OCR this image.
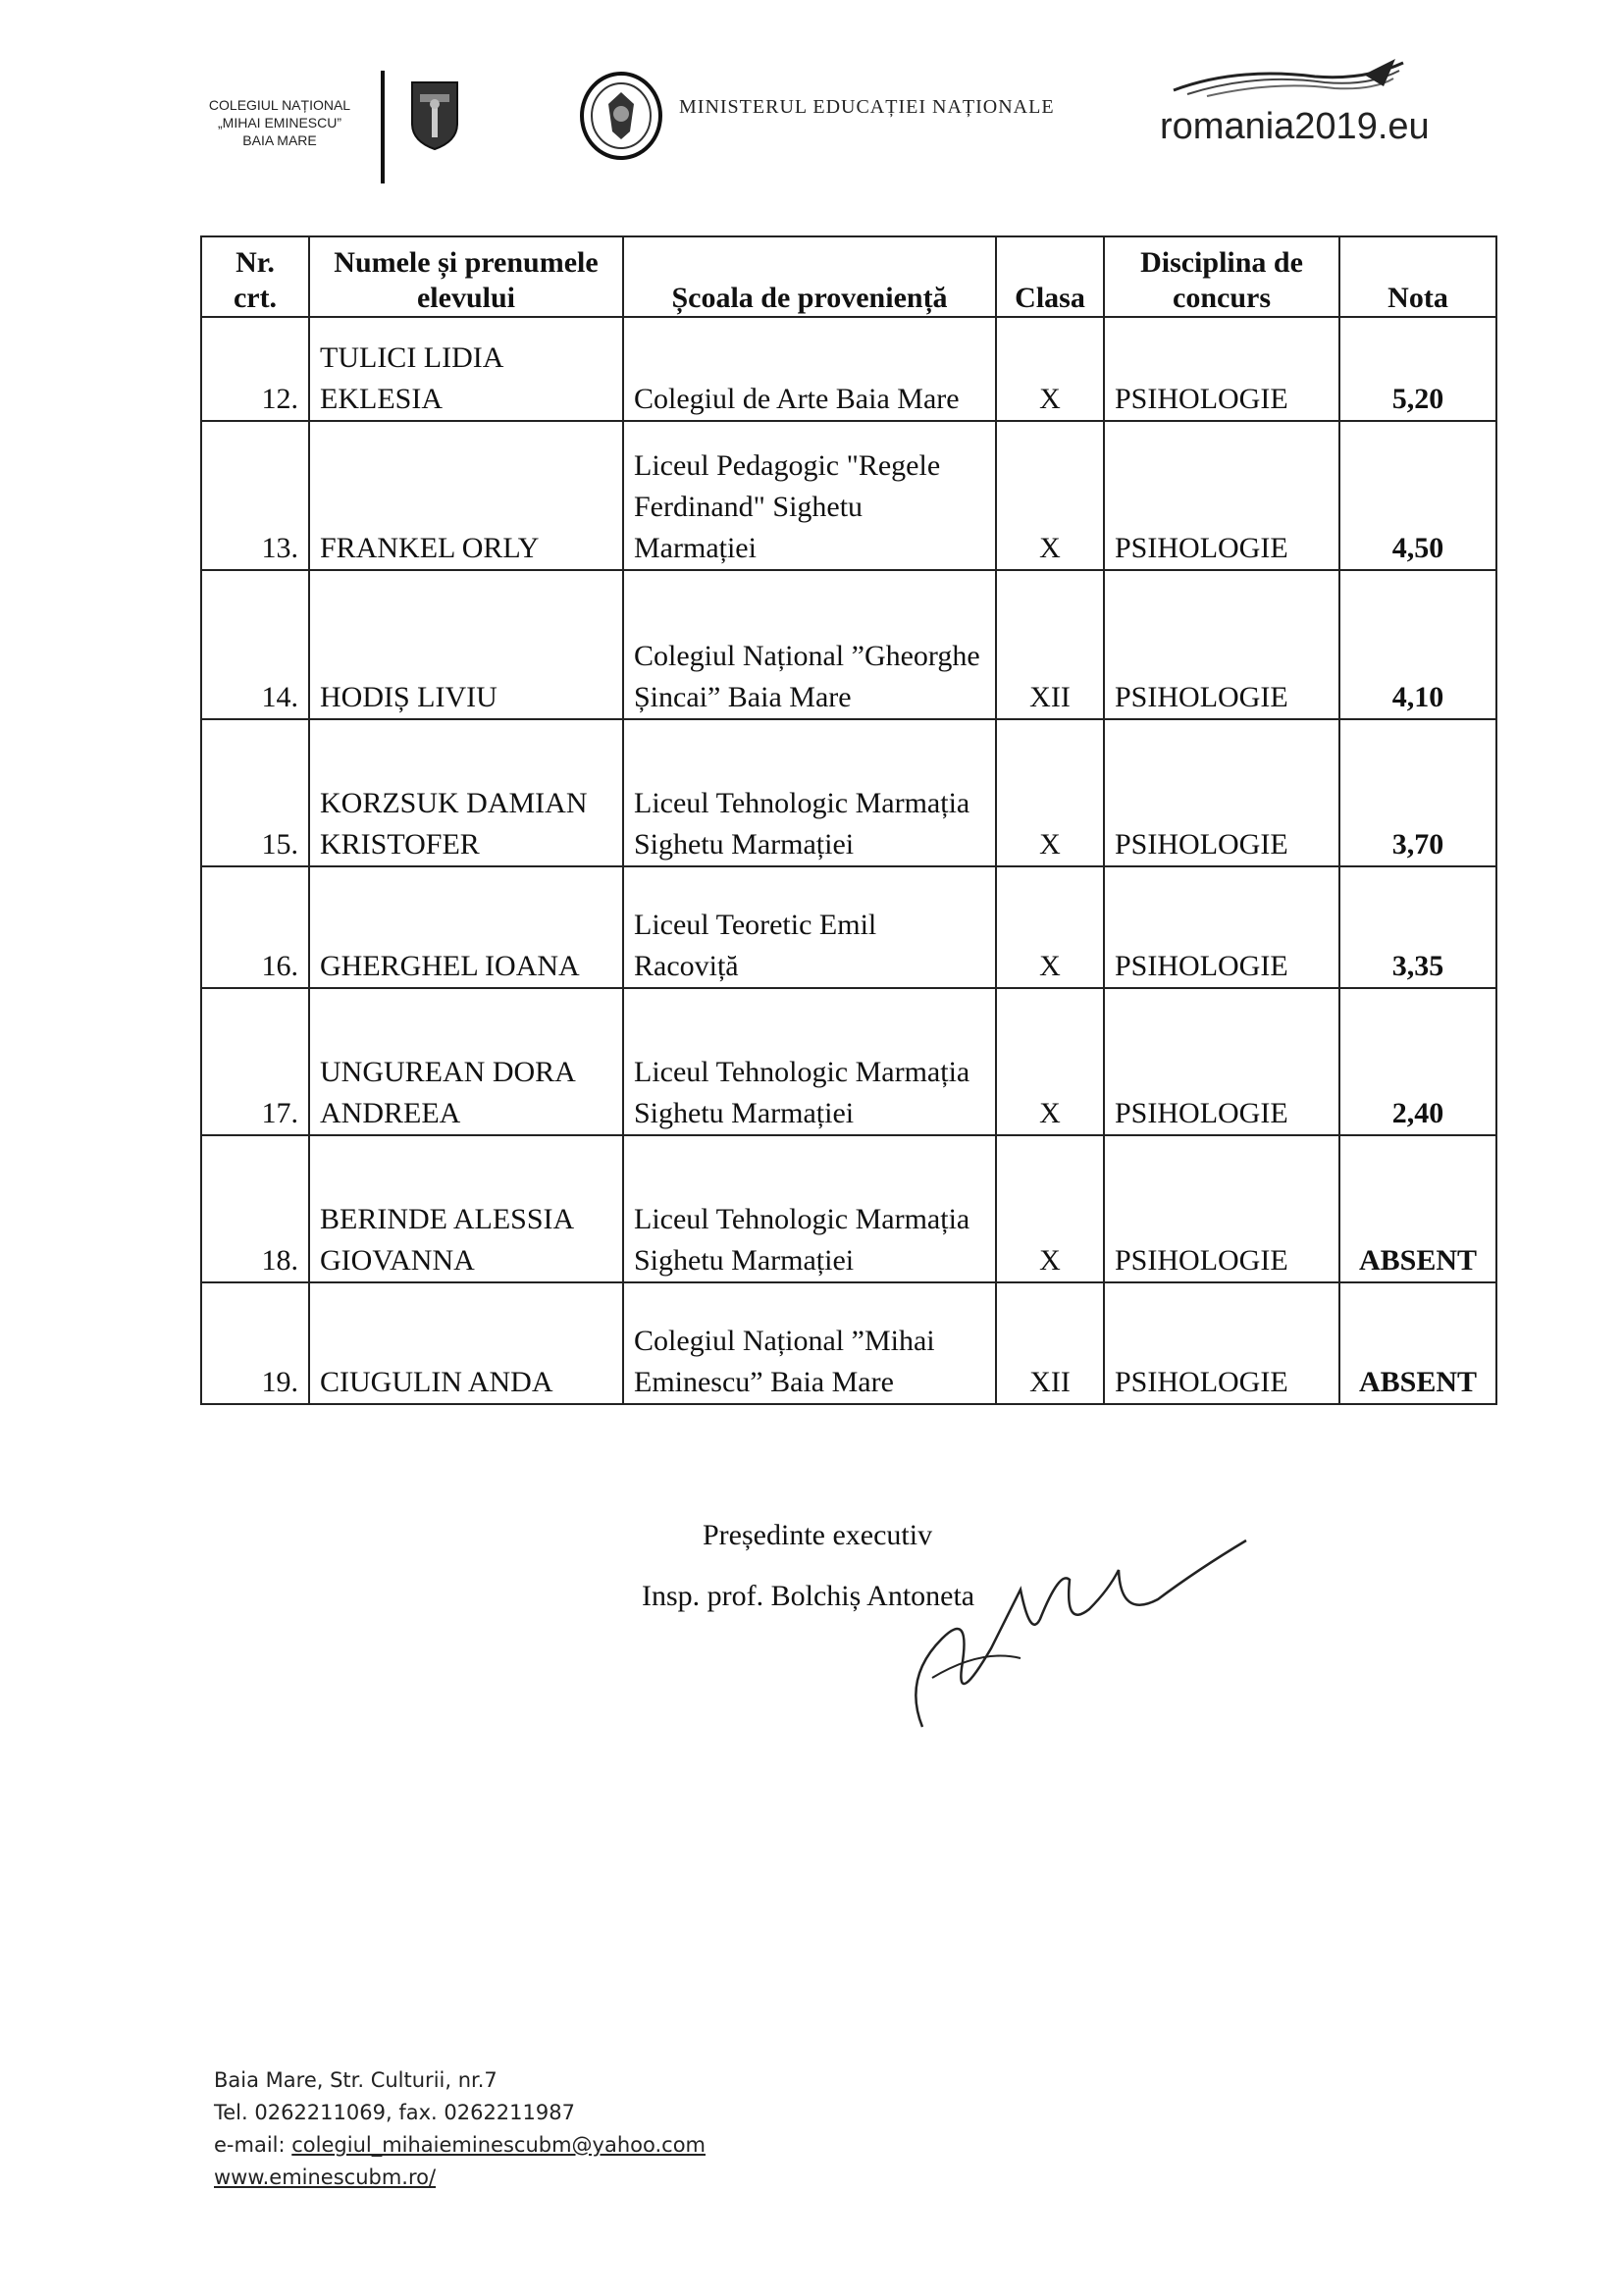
COLEGIUL NAȚIONAL
„MIHAI EMINESCU”
BAIA MARE
MINISTERUL EDUCAȚIEI NAȚIONALE	romania2019.eu
Nr. crt.	Numele și prenumele elevului	Școala de proveniență	Clasa	Disciplina de concurs	Nota
12.	TULICI LIDIA EKLESIA	Colegiul de Arte Baia Mare	X	PSIHOLOGIE	5,20
13.	FRANKEL ORLY	Liceul Pedagogic "Regele Ferdinand" Sighetu Marmației	X	PSIHOLOGIE	4,50
14.	HODIȘ LIVIU	Colegiul Național ”Gheorghe Șincai” Baia Mare	XII	PSIHOLOGIE	4,10
15.	KORZSUK DAMIAN KRISTOFER	Liceul Tehnologic Marmația Sighetu Marmației	X	PSIHOLOGIE	3,70
16.	GHERGHEL IOANA	Liceul Teoretic Emil Racoviță	X	PSIHOLOGIE	3,35
17.	UNGUREAN DORA ANDREEA	Liceul Tehnologic Marmația Sighetu Marmației	X	PSIHOLOGIE	2,40
18.	BERINDE ALESSIA GIOVANNA	Liceul Tehnologic Marmația Sighetu Marmației	X	PSIHOLOGIE	ABSENT
19.	CIUGULIN ANDA	Colegiul Național ”Mihai Eminescu” Baia Mare	XII	PSIHOLOGIE	ABSENT
Președinte executiv
Insp. prof. Bolchiș Antoneta
Baia Mare, Str. Culturii, nr.7
Tel. 0262211069, fax. 0262211987
e-mail: colegiul_mihaieminescubm@yahoo.com
www.eminescubm.ro/
